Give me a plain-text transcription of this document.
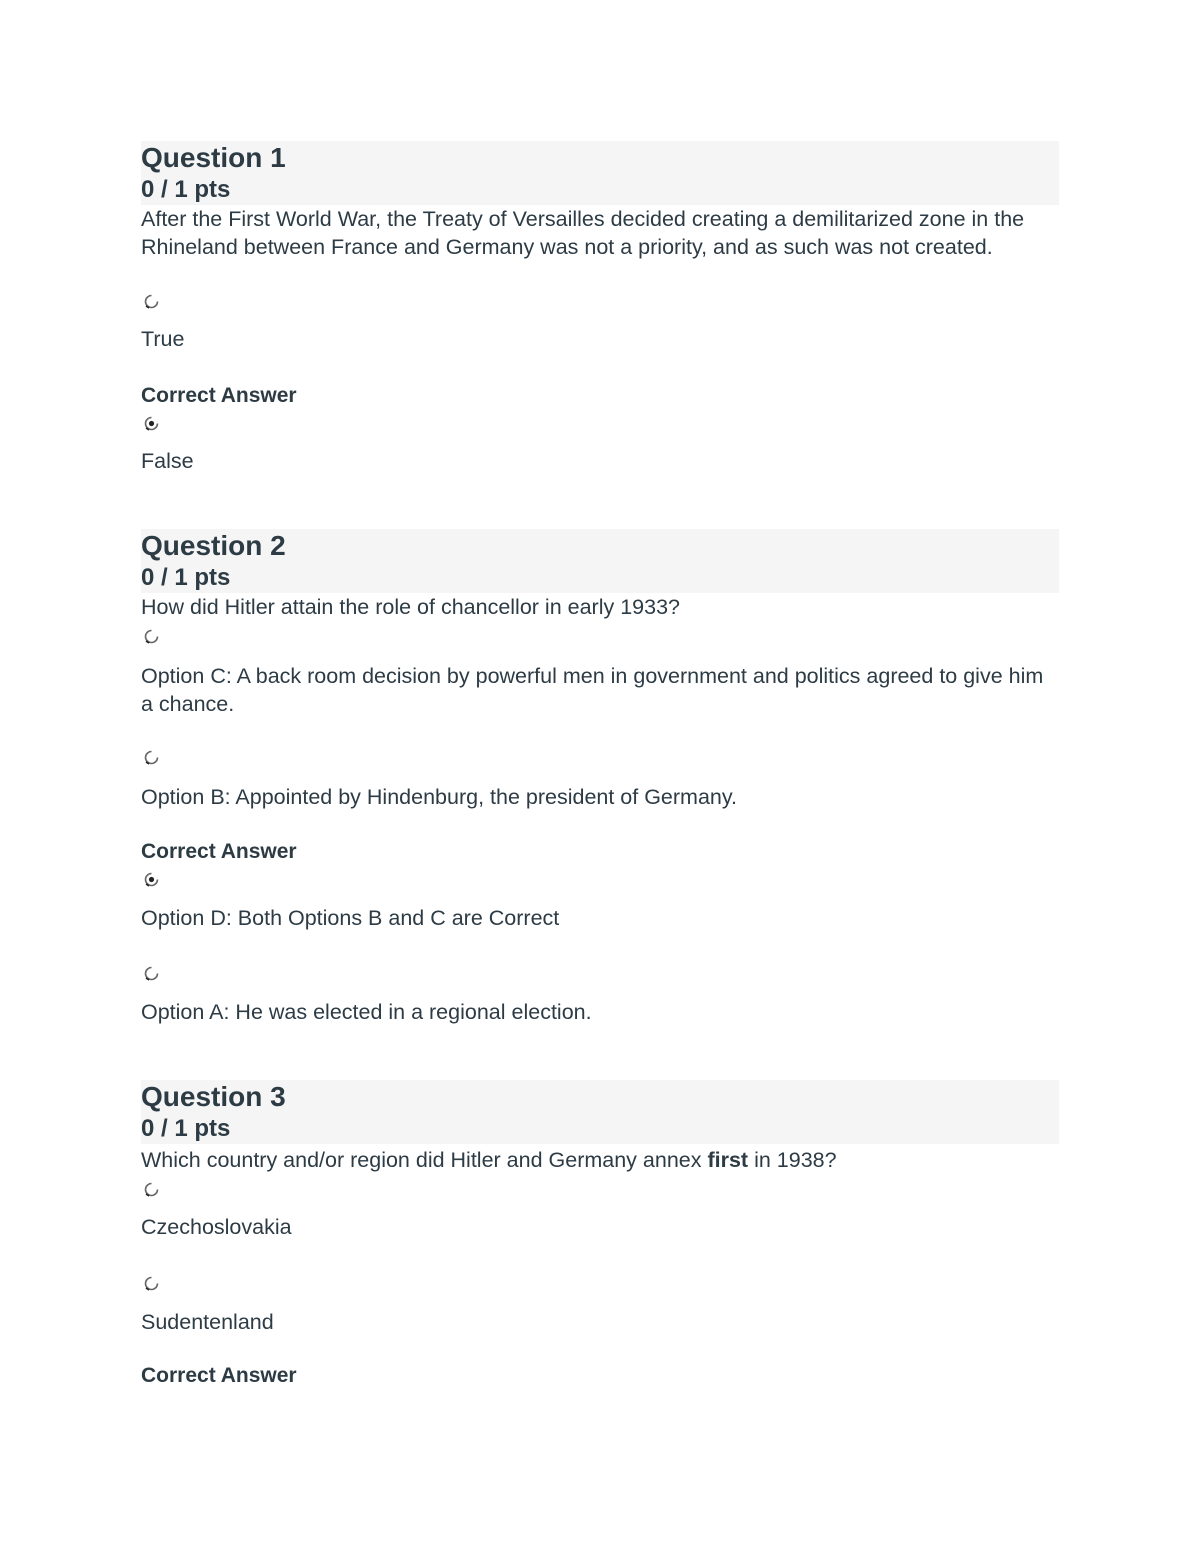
Question 1
0 / 1 pts

After the First World War, the Treaty of Versailles decided creating a demilitarized zone in the Rhineland between France and Germany was not a priority, and as such was not created.

True
Correct Answer
False
Question 2
0 / 1 pts

How did Hitler attain the role of chancellor in early 1933?

Option C: A back room decision by powerful men in government and politics agreed to give him a chance.
Option B: Appointed by Hindenburg, the president of Germany.
Correct Answer
Option D: Both Options B and C are Correct
Option A: He was elected in a regional election.
Question 3
0 / 1 pts

Which country and/or region did Hitler and Germany annex first in 1938?

Czechoslovakia
Sudentenland
Correct Answer
